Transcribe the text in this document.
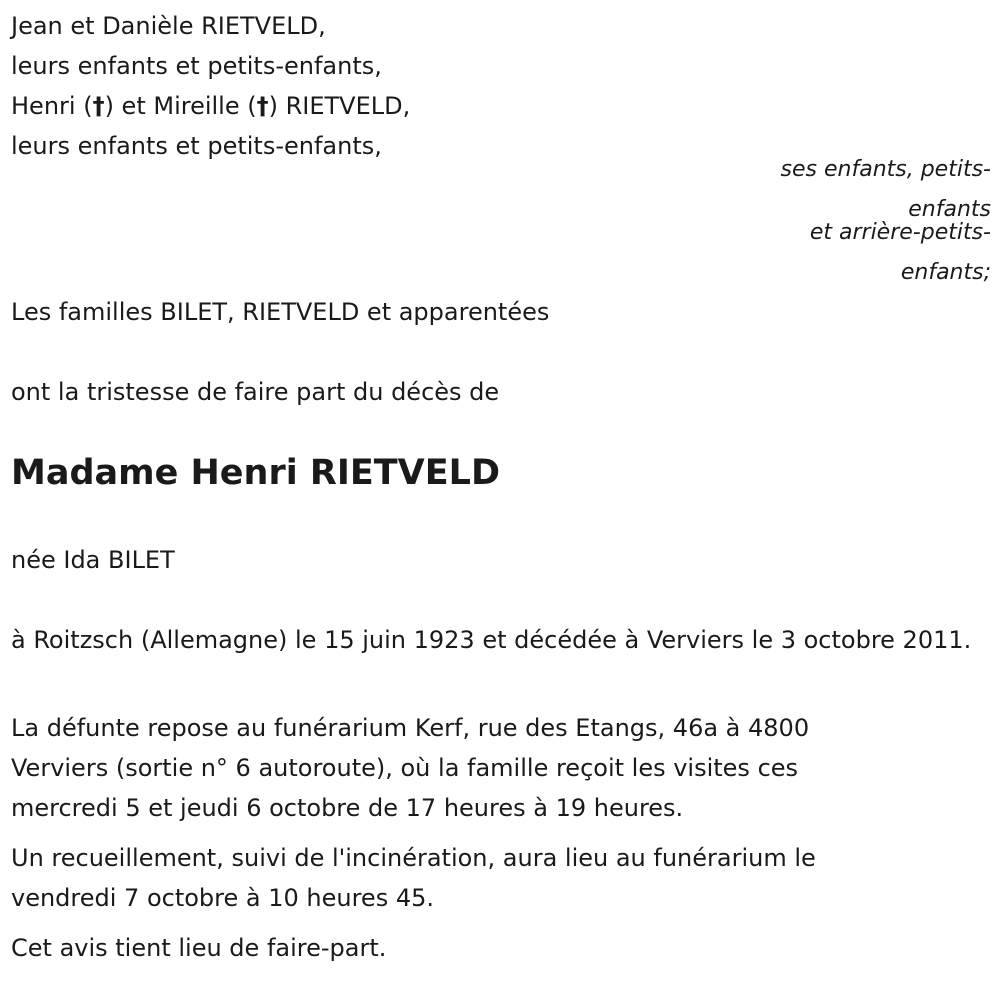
Jean et Danièle RIETVELD,

leurs enfants et petits-enfants,

Henri (†) et Mireille (†) RIETVELD,

leurs enfants et petits-enfants,

ses enfants, petits-

enfants

et arrière-petits-

enfants;

Les familles BILET, RIETVELD et apparentées

ont la tristesse de faire part du décès de

Madame Henri RIETVELD

née Ida BILET

à Roitzsch (Allemagne) le 15 juin 1923 et décédée à Verviers le 3 octobre 2011.

La défunte repose au funérarium Kerf, rue des Etangs, 46a à 4800

Verviers (sortie n° 6 autoroute), où la famille reçoit les visites ces

mercredi 5 et jeudi 6 octobre de 17 heures à 19 heures.

Un recueillement, suivi de l'incinération, aura lieu au funérarium le

vendredi 7 octobre à 10 heures 45.

Cet avis tient lieu de faire-part.
